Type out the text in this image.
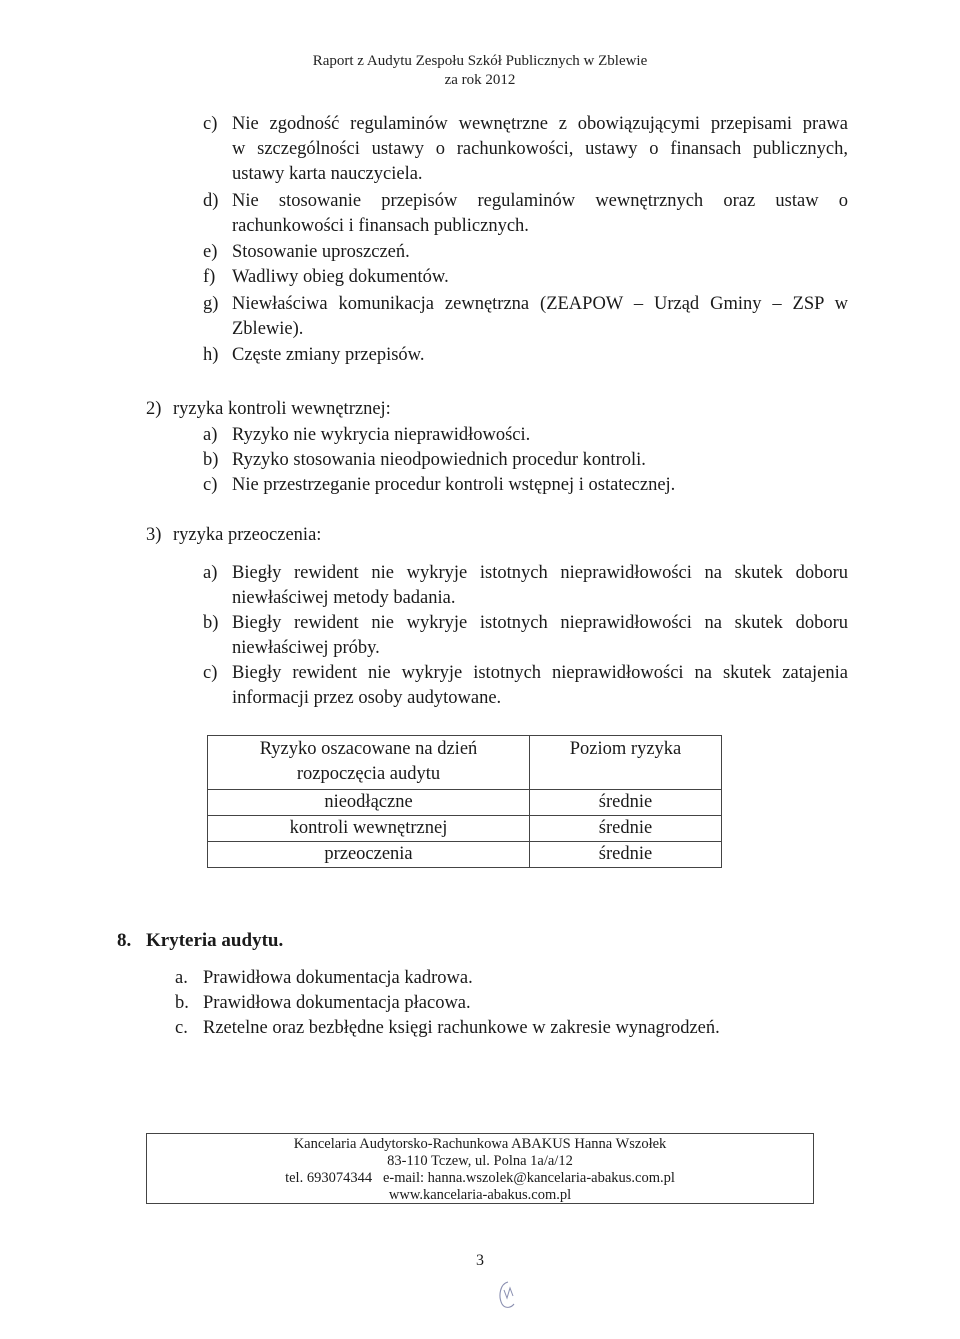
Raport z Audytu Zespołu Szkół Publicznych w Zblewie
za rok 2012
c) Nie zgodność regulaminów wewnętrzne z obowiązującymi przepisami prawa
w szczególności ustawy o rachunkowości, ustawy o finansach publicznych,
ustawy karta nauczyciela.
d) Nie stosowanie przepisów regulaminów wewnętrznych oraz ustaw o
rachunkowości i finansach publicznych.
e) Stosowanie uproszczeń.
f) Wadliwy obieg dokumentów.
g) Niewłaściwa komunikacja zewnętrzna (ZEAPOW – Urząd Gminy – ZSP w
Zblewie).
h) Częste zmiany przepisów.
2) ryzyka kontroli wewnętrznej:
a) Ryzyko nie wykrycia nieprawidłowości.
b) Ryzyko stosowania nieodpowiednich procedur kontroli.
c) Nie przestrzeganie procedur kontroli wstępnej i ostatecznej.
3) ryzyka przeoczenia:
a) Biegły rewident nie wykryje istotnych nieprawidłowości na skutek doboru
niewłaściwej metody badania.
b) Biegły rewident nie wykryje istotnych nieprawidłowości na skutek doboru
niewłaściwej próby.
c) Biegły rewident nie wykryje istotnych nieprawidłowości na skutek zatajenia
informacji przez osoby audytowane.
Ryzyko oszacowane na dzień rozpoczęcia audytu	Poziom ryzyka
nieodłączne	średnie
kontroli wewnętrznej	średnie
przeoczenia	średnie
8. Kryteria audytu.
a. Prawidłowa dokumentacja kadrowa.
b. Prawidłowa dokumentacja płacowa.
c. Rzetelne oraz bezbłędne księgi rachunkowe w zakresie wynagrodzeń.
Kancelaria Audytorsko-Rachunkowa ABAKUS Hanna Wszołek
83-110 Tczew, ul. Polna 1a/a/12
tel. 693074344   e-mail: hanna.wszolek@kancelaria-abakus.com.pl
www.kancelaria-abakus.com.pl
3
